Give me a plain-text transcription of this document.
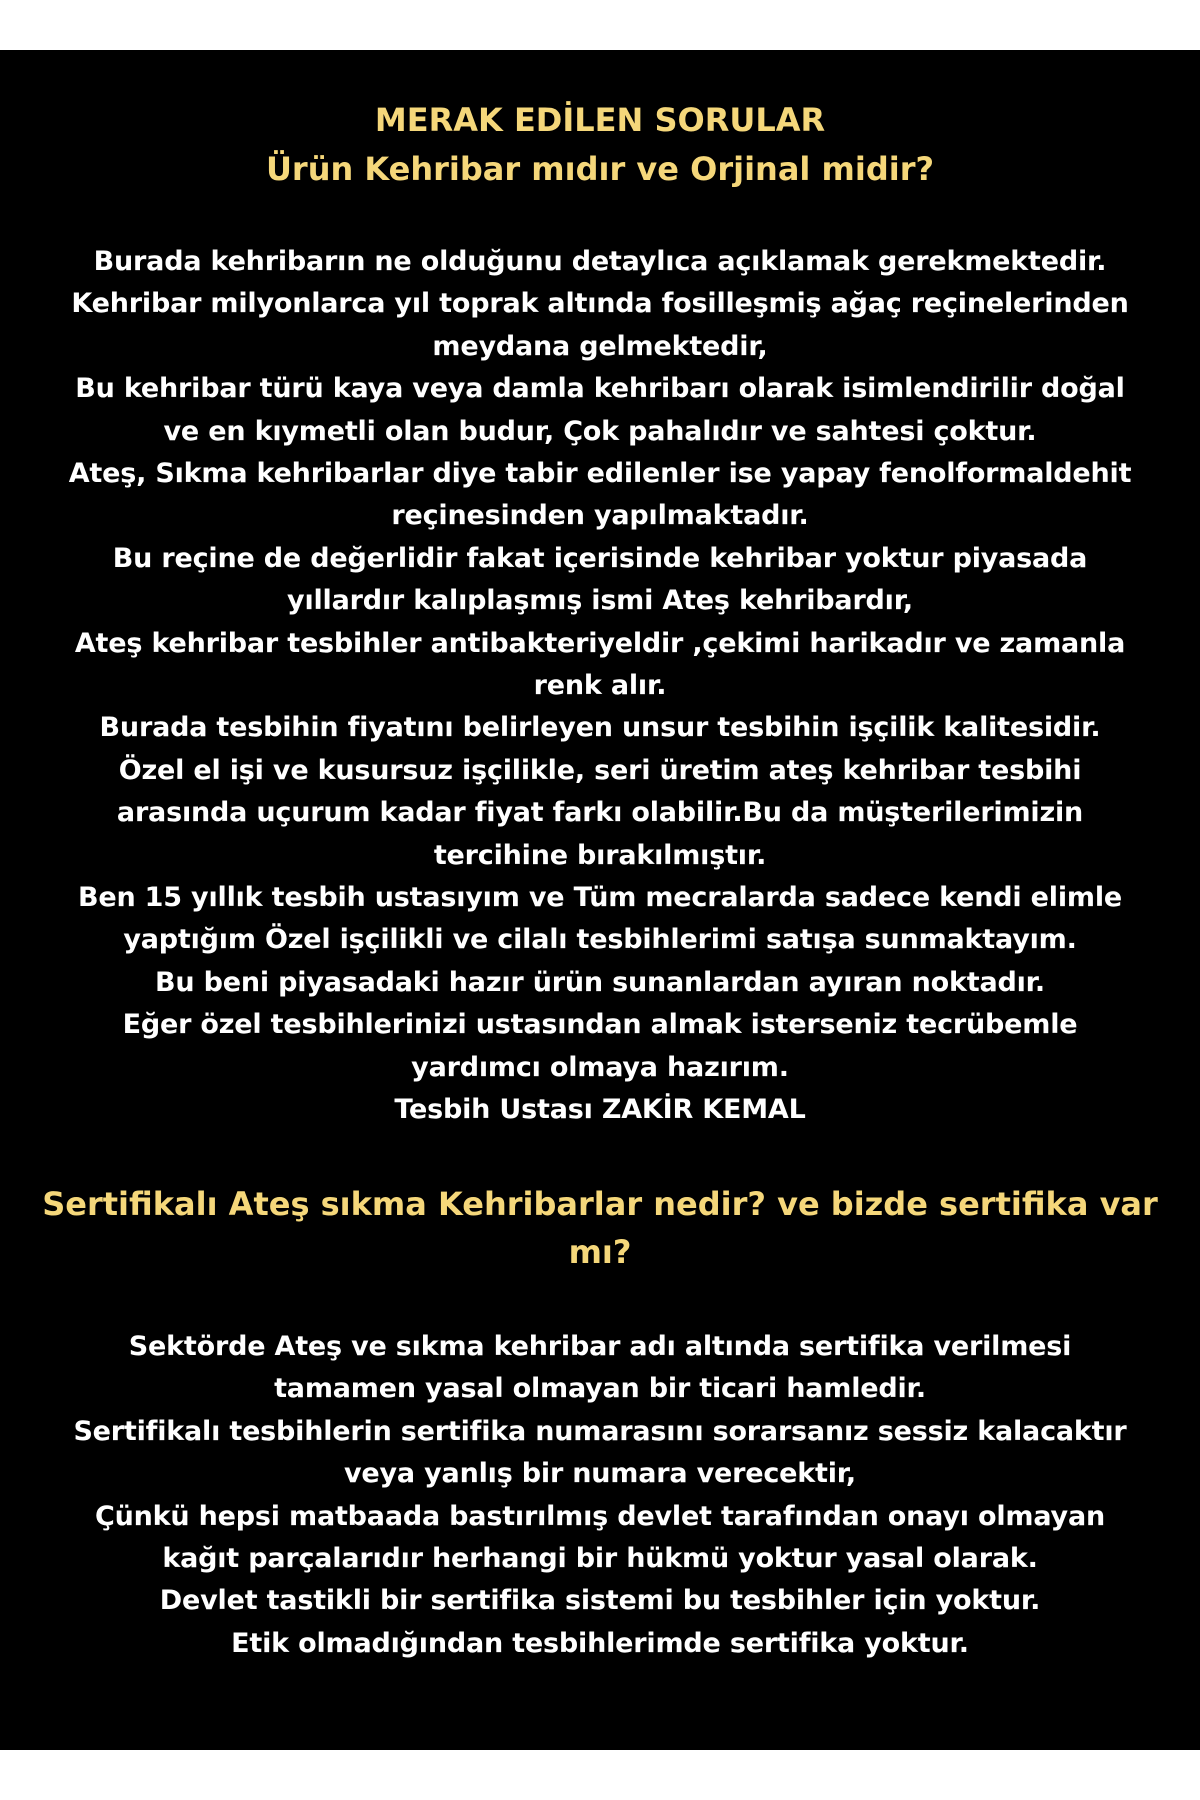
MERAK EDİLEN SORULAR
Ürün Kehribar mıdır ve Orjinal midir?
Burada kehribarın ne olduğunu detaylıca açıklamak gerekmektedir.
Kehribar milyonlarca yıl toprak altında fosilleşmiş ağaç reçinelerinden
meydana gelmektedir,
Bu kehribar türü kaya veya damla kehribarı olarak isimlendirilir doğal
ve en kıymetli olan budur, Çok pahalıdır ve sahtesi çoktur.
Ateş, Sıkma kehribarlar diye tabir edilenler ise yapay fenolformaldehit
reçinesinden yapılmaktadır.
Bu reçine de değerlidir fakat içerisinde kehribar yoktur piyasada
yıllardır kalıplaşmış ismi Ateş kehribardır,
Ateş kehribar tesbihler antibakteriyeldir ,çekimi harikadır ve zamanla
renk alır.
Burada tesbihin fiyatını belirleyen unsur tesbihin işçilik kalitesidir.
Özel el işi ve kusursuz işçilikle, seri üretim ateş kehribar tesbihi
arasında uçurum kadar fiyat farkı olabilir.Bu da müşterilerimizin
tercihine bırakılmıştır.
Ben 15 yıllık tesbih ustasıyım ve Tüm mecralarda sadece kendi elimle
yaptığım Özel işçilikli ve cilalı tesbihlerimi satışa sunmaktayım.
Bu beni piyasadaki hazır ürün sunanlardan ayıran noktadır.
Eğer özel tesbihlerinizi ustasından almak isterseniz tecrübemle
yardımcı olmaya hazırım.
Tesbih Ustası ZAKİR KEMAL
Sertifikalı Ateş sıkma Kehribarlar nedir? ve bizde sertifika var
mı?
Sektörde Ateş ve sıkma kehribar adı altında sertifika verilmesi
tamamen yasal olmayan bir ticari hamledir.
Sertifikalı tesbihlerin sertifika numarasını sorarsanız sessiz kalacaktır
veya yanlış bir numara verecektir,
Çünkü hepsi matbaada bastırılmış devlet tarafından onayı olmayan
kağıt parçalarıdır herhangi bir hükmü yoktur yasal olarak.
Devlet tastikli bir sertifika sistemi bu tesbihler için yoktur.
Etik olmadığından tesbihlerimde sertifika yoktur.
